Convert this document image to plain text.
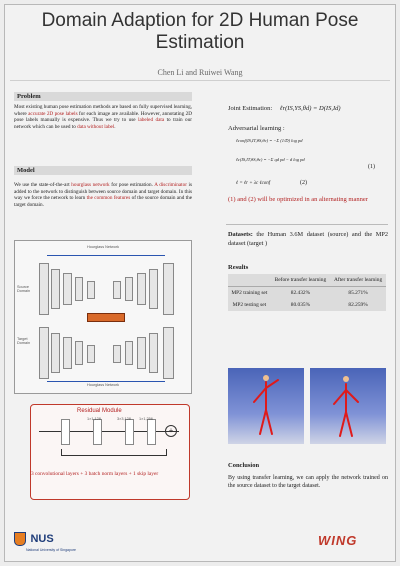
Domain Adaption for 2D Human Pose Estimation
Chen Li and Ruiwei Wang
Problem
Most existing human pose estimation methods are based on fully supervised learning, where accurate 2D pose labels for each image are available. However, annotating 2D pose labels manually is expensive. Thus we try to use labeled data to train our network which can be used to data without label.
Model
We use the state-of-the-art hourglass network for pose estimation. A discriminator is added to the network to distinguish between source domain and target domain. In this way we force the network to learn the common features of the source domain and the target domain.
Hourglass Network
Hourglass Network
Source Domain
Target Domain
Residual Module
1×1,128	3×3,128 1×1,256
+
3 convolutional layers + 3 batch norm layers + 1 skip layer
Joint Estimation: ℓr(IS,YS,θd) = D(IS,Id)
Adversarial learning :
ℓconf(IS,IT,θS,θc) = −Σ (1/D) log pd
ℓc(IS,IT,θS,θc) = −Σ qd pd − d log pd
(1)
ℓ = ℓr + λc ℓconf	(2)
(1) and (2) will be optimized in an alternating manner
Datasets: the Human 3.6M dataset (source) and the MP2 dataset (target )
Results
	Before transfer learning	After transfer learning
MP2 training set	82.432%	85.271%
MP2 testing set	80.035%	82.259%
Conclusion
By using transfer learning, we can apply the network trained on the source dataset to the target dataset.
NUS
National University of Singapore
WING
